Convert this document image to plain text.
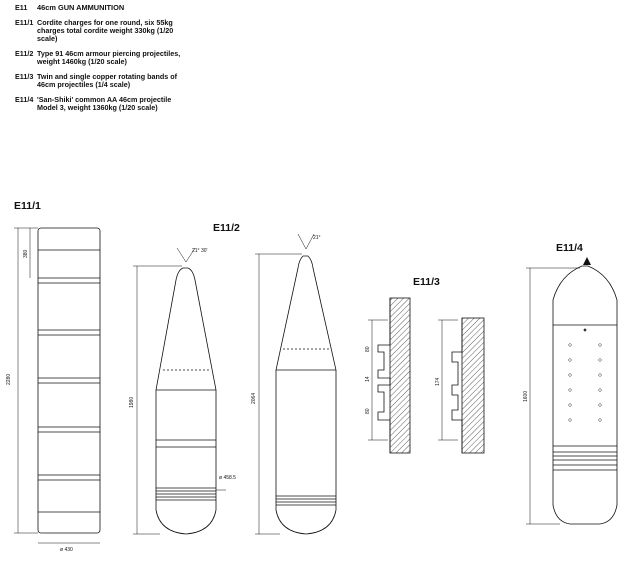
E11	46cm GUN AMMUNITION
E11/1 Cordite charges for one round, six 55kg charges total cordite weight 330kg (1/20 scale)
E11/2 Type 91 46cm armour piercing projectiles, weight 1460kg (1/20 scale)
E11/3 Twin and single copper rotating bands of 46cm projectiles (1/4 scale)
E11/4 'San-Shiki' common AA 46cm projectile Model 3, weight 1360kg (1/20 scale)
E11/1
E11/2
E11/3
E11/4
2280
380
ø 430
1980
21° 30'
ø 458.5
2064
21°
80
14
80
174
1600
